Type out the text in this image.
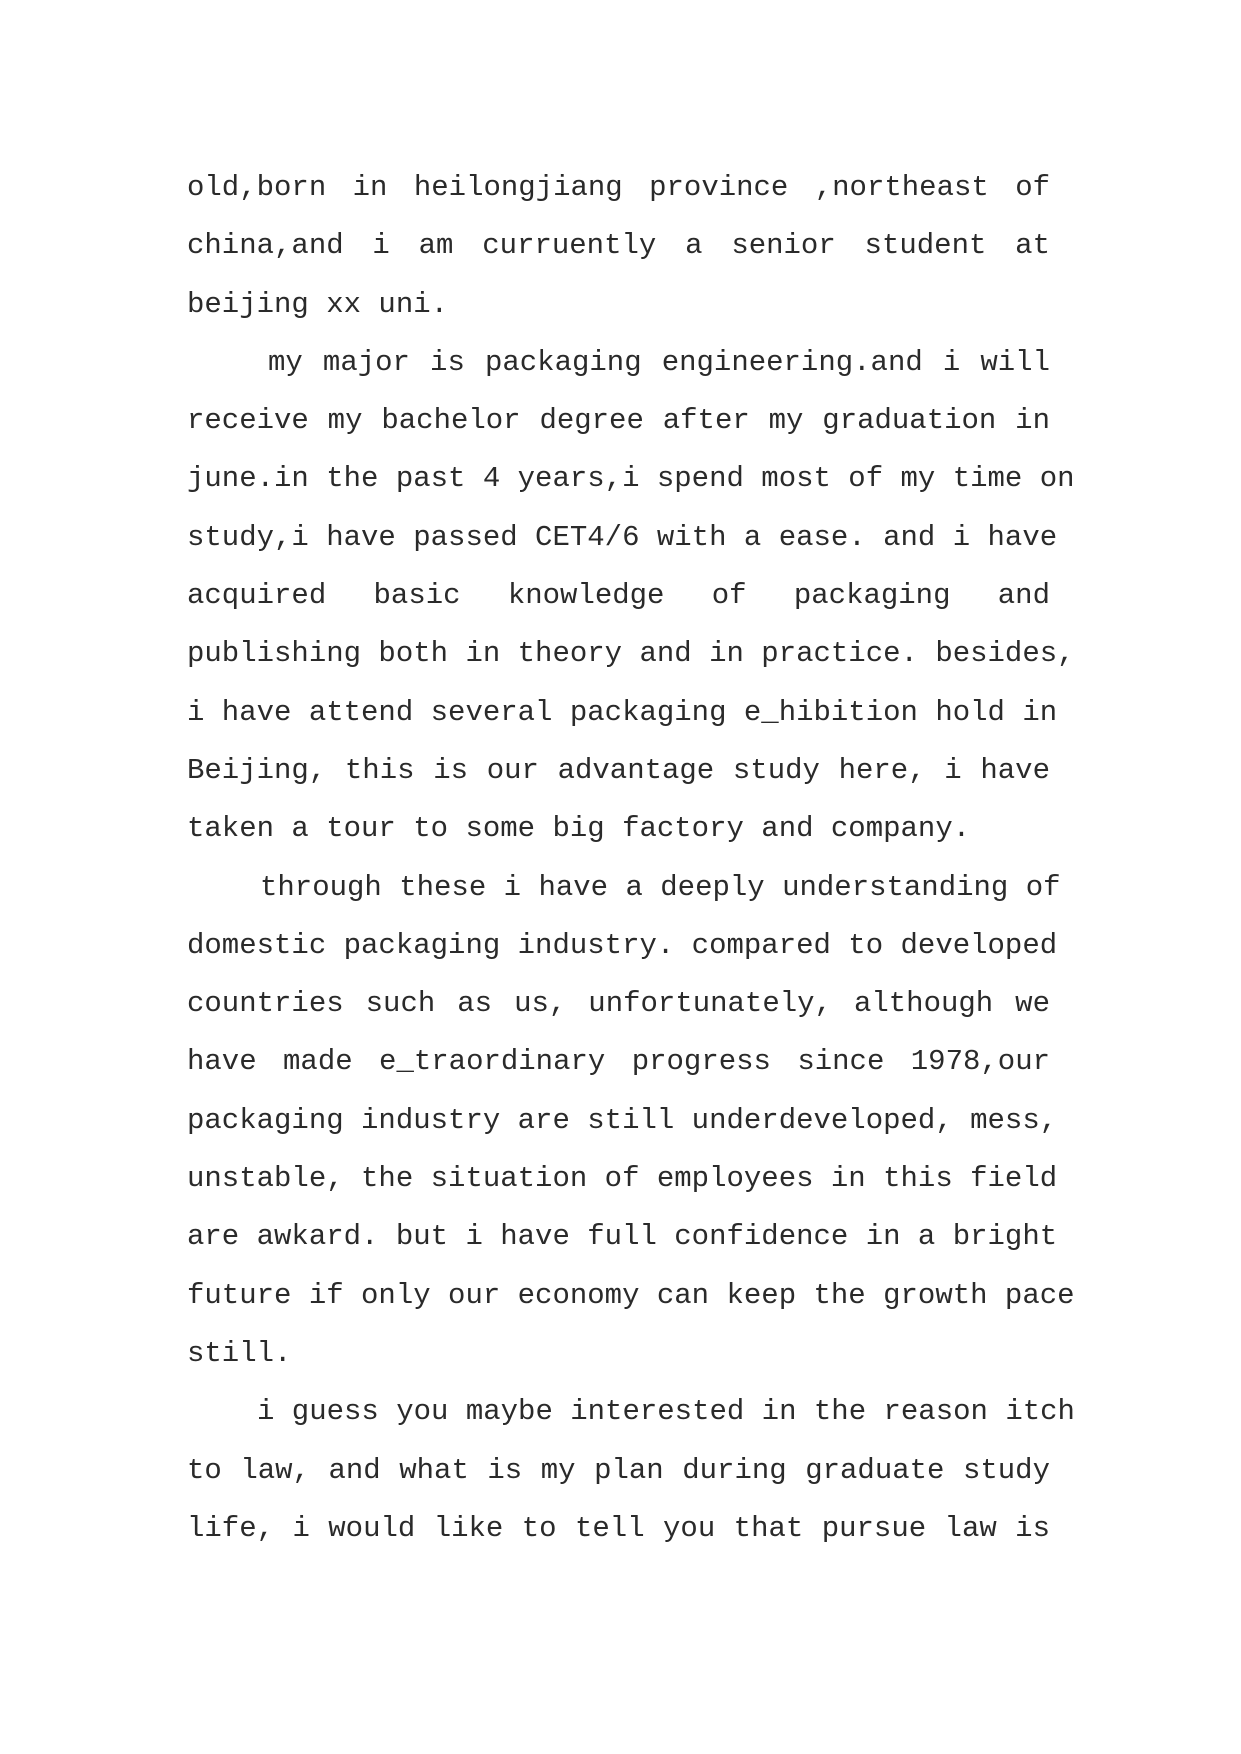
old,born in heilongjiang province ,northeast of
china,and i am curruently a senior student at
beijing xx uni.
my major is packaging engineering.and i will
receive my bachelor degree after my graduation in
june.in the past 4 years,i spend most of my time on
study,i have passed CET4/6 with a ease. and i have
acquired basic knowledge of packaging and
publishing both in theory and in practice. besides,
i have attend several packaging e_hibition hold in
Beijing, this is our advantage study here, i have
taken a tour to some big factory and company.
through these i have a deeply understanding of
domestic packaging industry. compared to developed
countries such as us, unfortunately, although we
have made e_traordinary progress since 1978,our
packaging industry are still underdeveloped, mess,
unstable, the situation of employees in this field
are awkard. but i have full confidence in a bright
future if only our economy can keep the growth pace
still.
i guess you maybe interested in the reason itch
to law, and what is my plan during graduate study
life, i would like to tell you that pursue law is
